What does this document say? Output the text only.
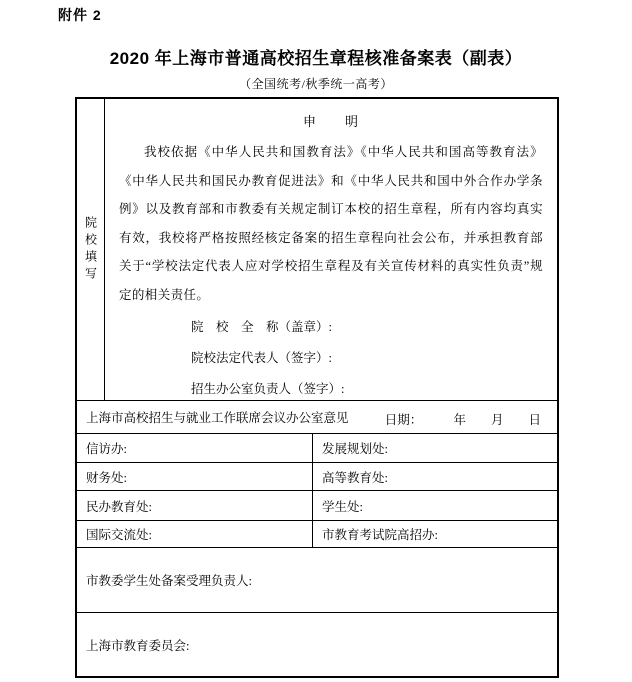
附件 2
2020 年上海市普通高校招生章程核准备案表（副表）
（全国统考/秋季统一高考）
院校填写
申　　明
我校依据《中华人民共和国教育法》《中华人民共和国高等教育法》《中华人民共和国民办教育促进法》和《中华人民共和国中外合作办学条例》以及教育部和市教委有关规定制订本校的招生章程，所有内容均真实有效，我校将严格按照经核定备案的招生章程向社会公布，并承担教育部关于“学校法定代表人应对学校招生章程及有关宣传材料的真实性负责”规定的相关责任。
院　校　全　称（盖章）:
院校法定代表人（签字）:
招生办公室负责人（签字）:
日期：　　　年　　月　　日
上海市高校招生与就业工作联席会议办公室意见
信访办:	发展规划处:
财务处:	高等教育处:
民办教育处:	学生处:
国际交流处:	市教育考试院高招办:
市教委学生处备案受理负责人:
上海市教育委员会:
